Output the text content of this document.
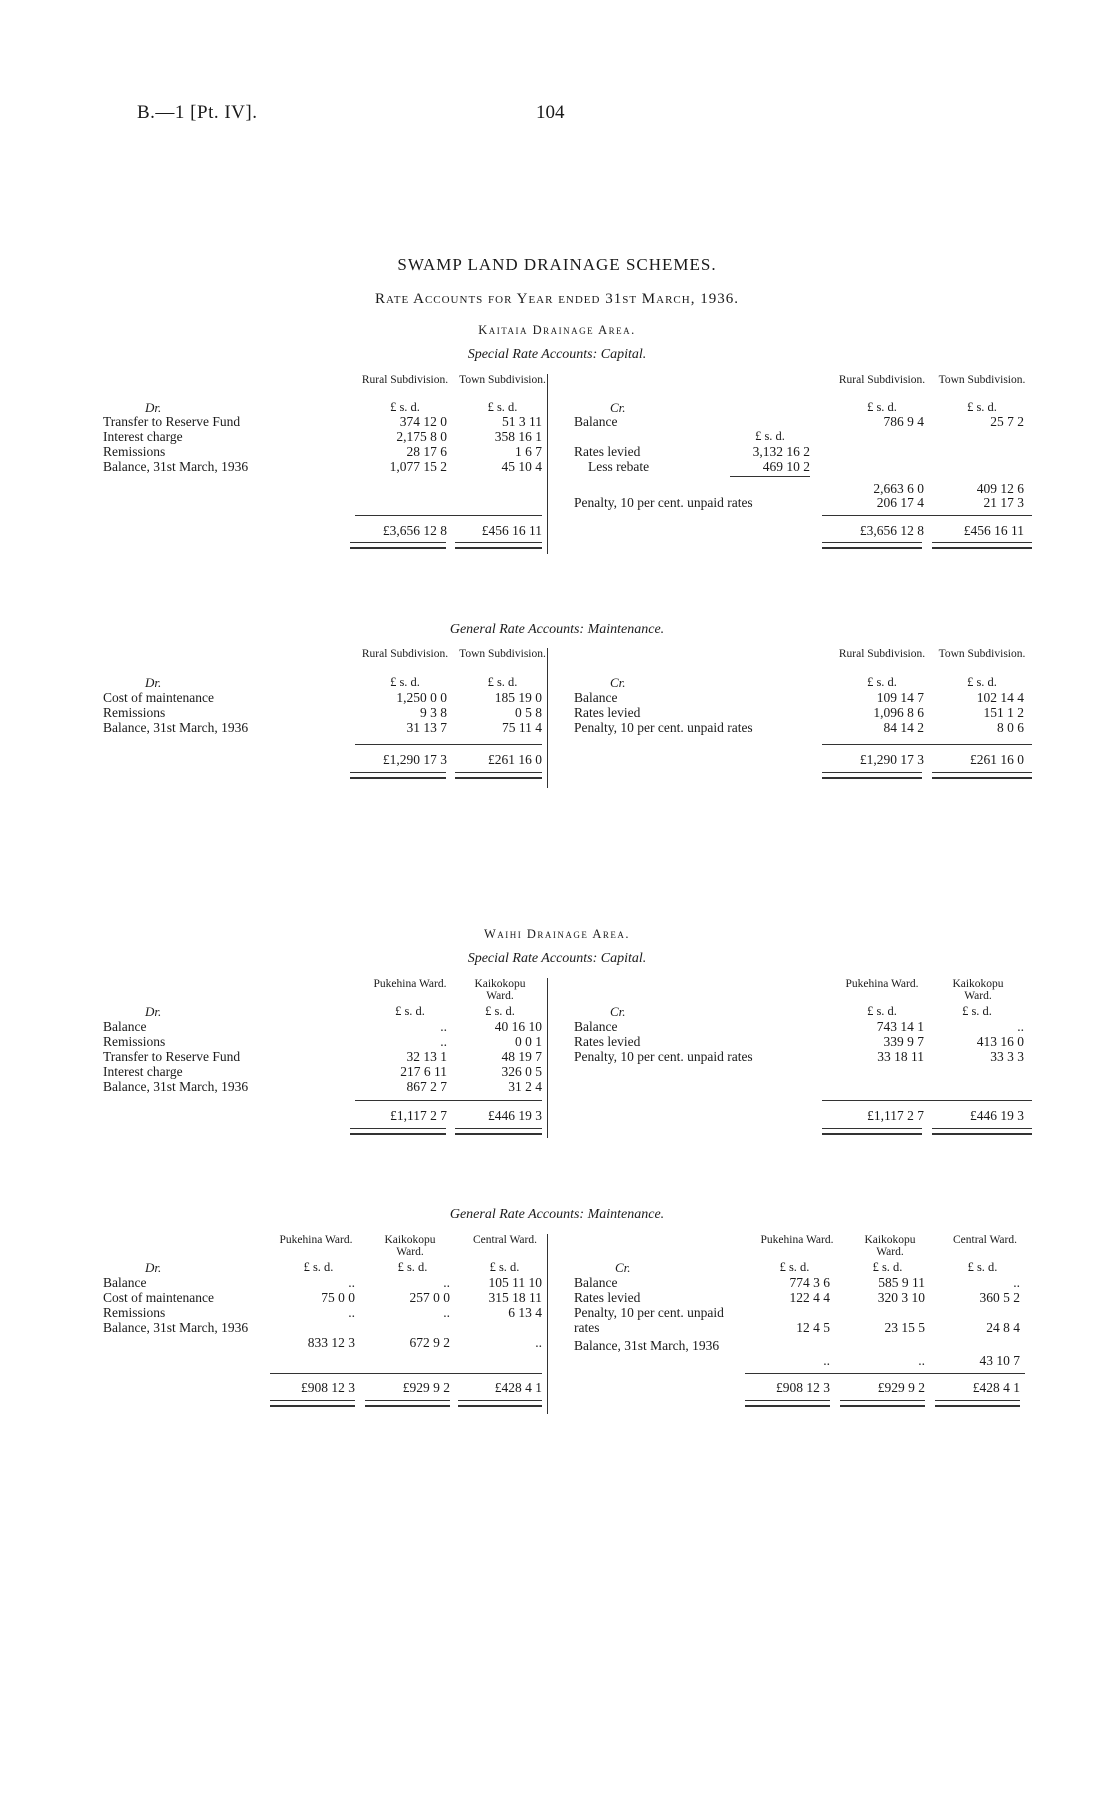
B.—1 [Pt. IV].	104
SWAMP LAND DRAINAGE SCHEMES.
Rate Accounts for Year ended 31st March, 1936.
Kaitaia Drainage Area.
Special Rate Accounts: Capital.
Rural Subdivision. Town Subdivision.
£ s. d.	£ s. d.
Dr.
Transfer to Reserve Fund	374 12 0	51 3 11
Interest charge	2,175 8 0	358 16 1
Remissions	28 17 6	1 6 7
Balance, 31st March, 1936	1,077 15 2	45 10 4
£3,656 12 8	£456 16 11
Rural Subdivision.	Town Subdivision.
£ s. d.	£ s. d.
Cr.
Balance	786 9 4	25 7 2
£ s. d.
Rates levied	3,132 16 2
Less rebate	469 10 2
2,663 6 0	409 12 6
Penalty, 10 per cent. unpaid rates	206 17 4	21 17 3
£3,656 12 8	£456 16 11
General Rate Accounts: Maintenance.
Rural Subdivision. Town Subdivision.
£ s. d.	£ s. d.
Dr.
Cost of maintenance	1,250 0 0	185 19 0
Remissions	9 3 8	0 5 8
Balance, 31st March, 1936	31 13 7	75 11 4
£1,290 17 3	£261 16 0
Rural Subdivision.	Town Subdivision.
£ s. d.	£ s. d.
Cr.
Balance	109 14 7	102 14 4
Rates levied	1,096 8 6	151 1 2
Penalty, 10 per cent. unpaid rates	84 14 2	8 0 6
£1,290 17 3	£261 16 0
Waihi Drainage Area.
Special Rate Accounts: Capital.
Pukehina Ward.	Kaikokopu Ward.
£ s. d.	£ s. d.
Dr.
Balance	..	40 16 10
Remissions	..	0 0 1
Transfer to Reserve Fund	32 13 1	48 19 7
Interest charge	217 6 11	326 0 5
Balance, 31st March, 1936	867 2 7	31 2 4
£1,117 2 7	£446 19 3
Pukehina Ward.	Kaikokopu Ward.
£ s. d.	£ s. d.
Cr.
Balance	743 14 1	..
Rates levied	339 9 7	413 16 0
Penalty, 10 per cent. unpaid rates	33 18 11	33 3 3
£1,117 2 7	£446 19 3
General Rate Accounts: Maintenance.
Pukehina Ward.	Kaikokopu Ward.
Central Ward.
£ s. d.	£ s. d.	£ s. d.
Dr.
Balance	..	..	105 11 10
Cost of maintenance	75 0 0	257 0 0	315 18 11
Remissions	..	..	6 13 4
Balance, 31st March, 1936
833 12 3	672 9 2	..
£908 12 3	£929 9 2	£428 4 1
Pukehina Ward.	Kaikokopu Ward.
Central Ward.
£ s. d.	£ s. d.	£ s. d.
Cr.
Balance	774 3 6	585 9 11	..
Rates levied	122 4 4	320 3 10	360 5 2
Penalty, 10 per cent. unpaid rates	12 4 5	23 15 5	24 8 4
Balance, 31st March, 1936
..	..	43 10 7
£908 12 3	£929 9 2	£428 4 1
